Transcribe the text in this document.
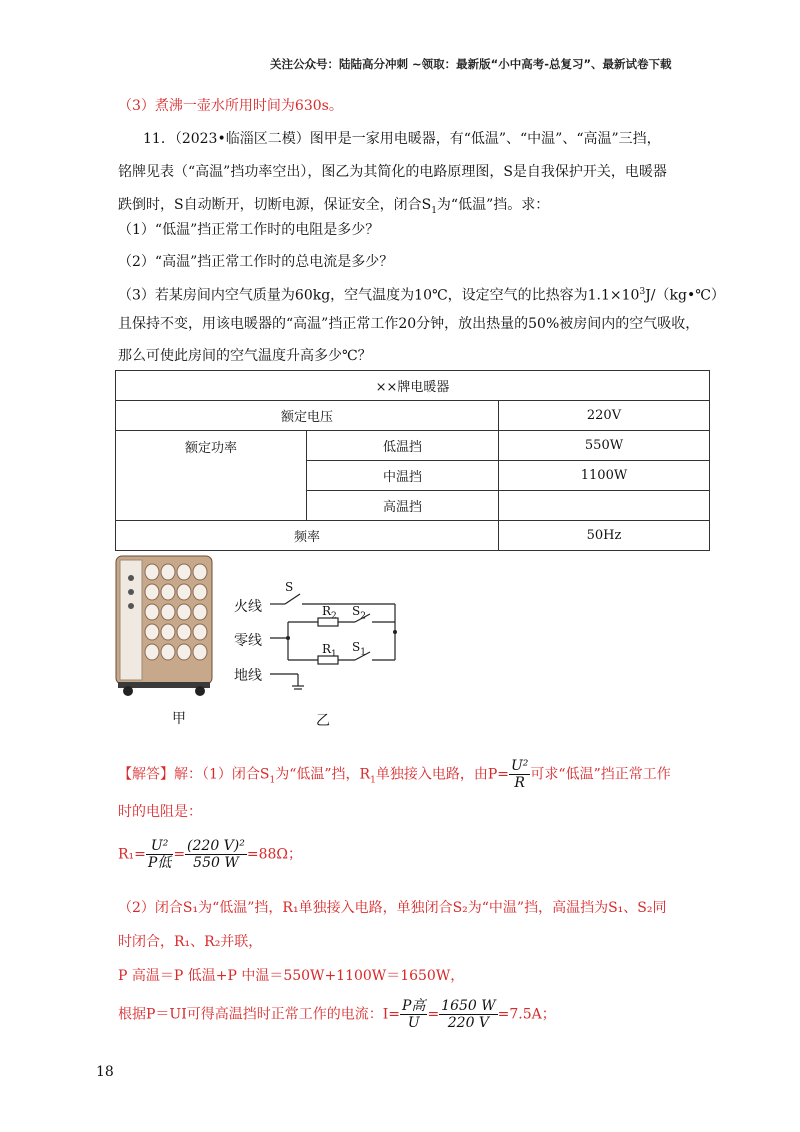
关注公众号：陆陆高分冲刺 ~领取：最新版“小中高考-总复习”、最新试卷下载
（3）煮沸一壶水所用时间为630s。
11．（2023•临淄区二模）图甲是一家用电暖器，有“低温”、“中温”、“高温”三挡，
铭牌见表（“高温”挡功率空出），图乙为其简化的电路原理图，S是自我保护开关，电暖器
跌倒时，S自动断开，切断电源，保证安全，闭合$S_1$为“低温”挡。求：
（1）“低温”挡正常工作时的电阻是多少？
（2）“高温”挡正常工作时的总电流是多少？
（3）若某房间内空气质量为60kg，空气温度为10℃，设定空气的比热容为$1.1\times 10^3J/(kg•℃)$
且保持不变，用该电暖器的“高温”挡正常工作20分钟，放出热量的50%被房间内的空气吸收，
那么可使此房间的空气温度升高多少℃？
××牌电暖器		
额定电压		220V
额定功率	低温挡	550W
	中温挡	1100W
	高温挡	
频率		50Hz
甲
火线
零线
地线
S
$R_2$ $S_2$
$R_1$
$S_1$
乙
【解答】解：（1）闭合$S_1$为“低温”挡，$R_1$单独接入电路，由$P= \frac{\text{U²}}{R}$ 可求“低温”挡正常工作
时的电阻是：
$R_1= \frac{\text{U²}}{\text{P低}} = \frac{\text{(220 V)²}}{550 W} =88\Omega$；
（2）闭合S₁为“低温”挡，R₁单独接入电路，单独闭合S₂为“中温”挡，高温挡为S₁、S₂同
时闭合，R₁、R₂并联，
P 高温＝P 低温+P 中温＝550W+1100W＝1650W，
根据P＝UI可得高温挡时正常工作的电流：$I= \frac{\text{P高}}{U} = \frac{1650 W}{220 V} =7.5A$；
18
